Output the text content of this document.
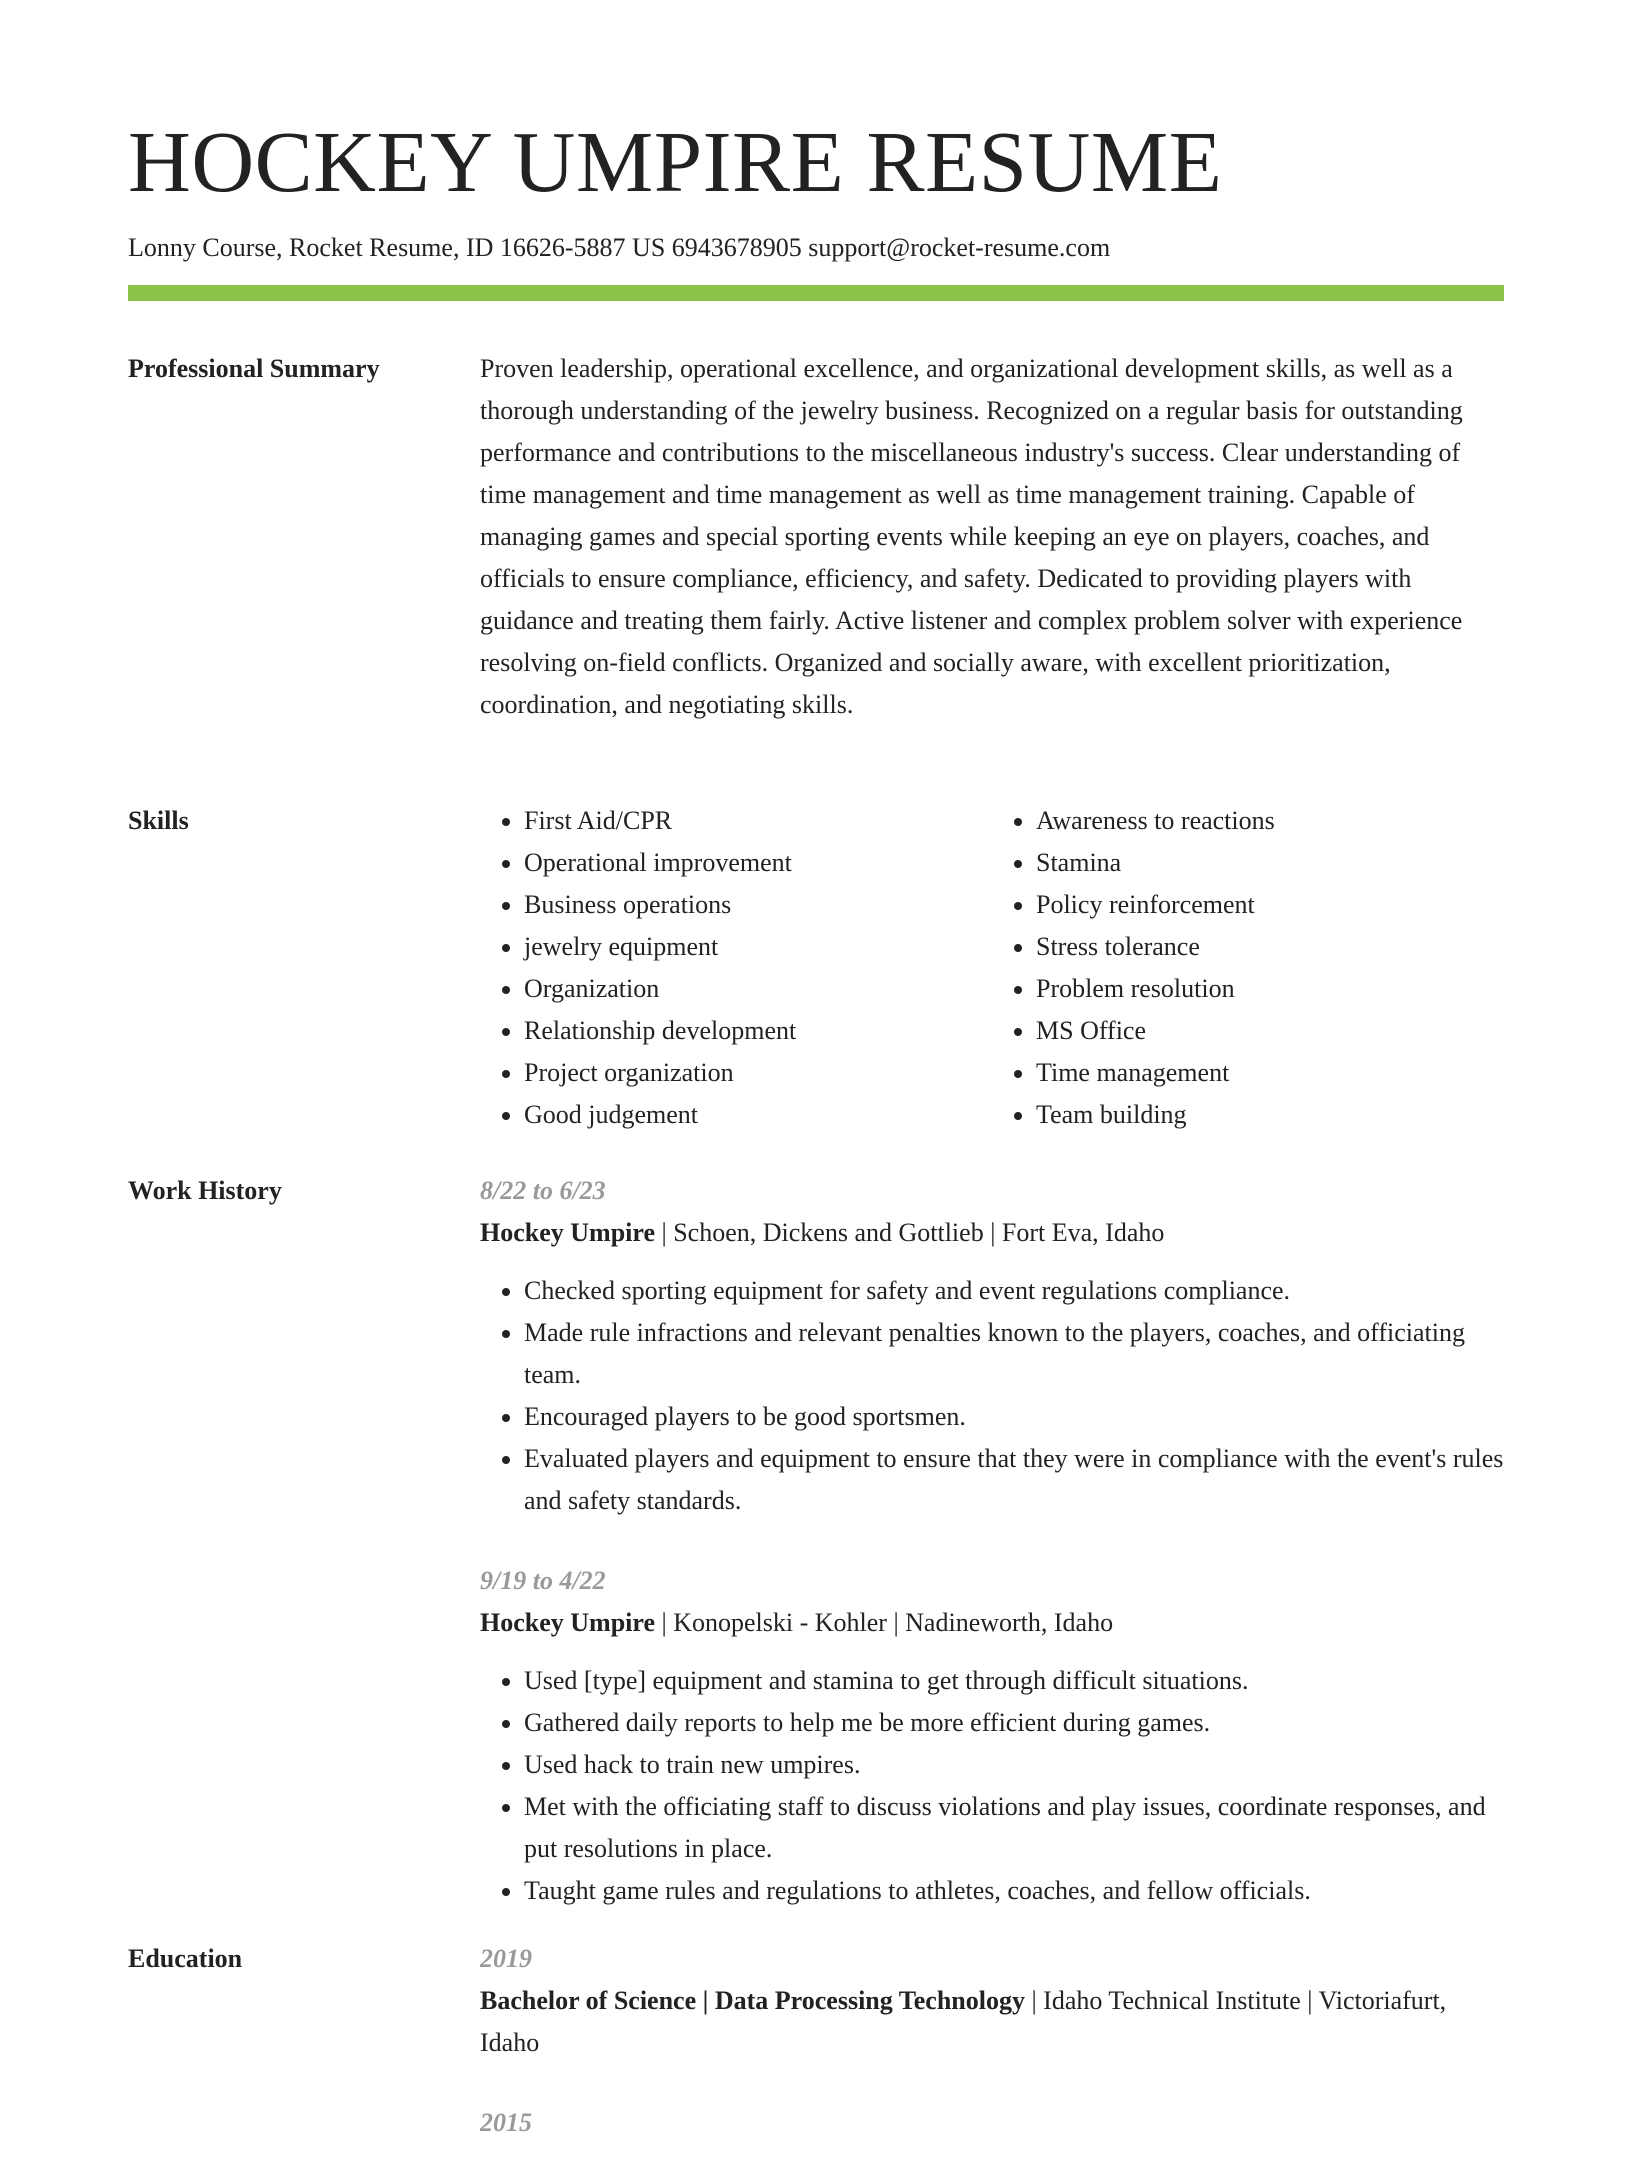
HOCKEY UMPIRE RESUME
Lonny Course, Rocket Resume, ID 16626-5887 US 6943678905 support@rocket-resume.com
Professional Summary	Proven leadership, operational excellence, and organizational development skills, as well as a thorough understanding of the jewelry business. Recognized on a regular basis for outstanding performance and contributions to the miscellaneous industry's success. Clear understanding of time management and time management as well as time management training. Capable of managing games and special sporting events while keeping an eye on players, coaches, and officials to ensure compliance, efficiency, and safety. Dedicated to providing players with guidance and treating them fairly. Active listener and complex problem solver with experience resolving on-field conflicts. Organized and socially aware, with excellent prioritization, coordination, and negotiating skills.

Skills
•	First Aid/CPR
• Operational improvement
• Business operations
• jewelry equipment
• Organization
• Relationship development
• Project organization
• Good judgement
• Awareness to reactions
• Stamina
• Policy reinforcement
• Stress tolerance
• Problem resolution
• MS Office
• Time management
• Team building
Work History	8/22 to 6/23
Hockey Umpire | Schoen, Dickens and Gottlieb | Fort Eva, Idaho
• Checked sporting equipment for safety and event regulations compliance.
• Made rule infractions and relevant penalties known to the players, coaches, and officiating team.
• Encouraged players to be good sportsmen.
• Evaluated players and equipment to ensure that they were in compliance with the event's rules and safety standards.
9/19 to 4/22
Hockey Umpire | Konopelski - Kohler | Nadineworth, Idaho
• Used [type] equipment and stamina to get through difficult situations.
• Gathered daily reports to help me be more efficient during games.
• Used hack to train new umpires.
• Met with the officiating staff to discuss violations and play issues, coordinate responses, and put resolutions in place.
• Taught game rules and regulations to athletes, coaches, and fellow officials.
Education	2019
Bachelor of Science | Data Processing Technology | Idaho Technical Institute | Victoriafurt, Idaho
2015
